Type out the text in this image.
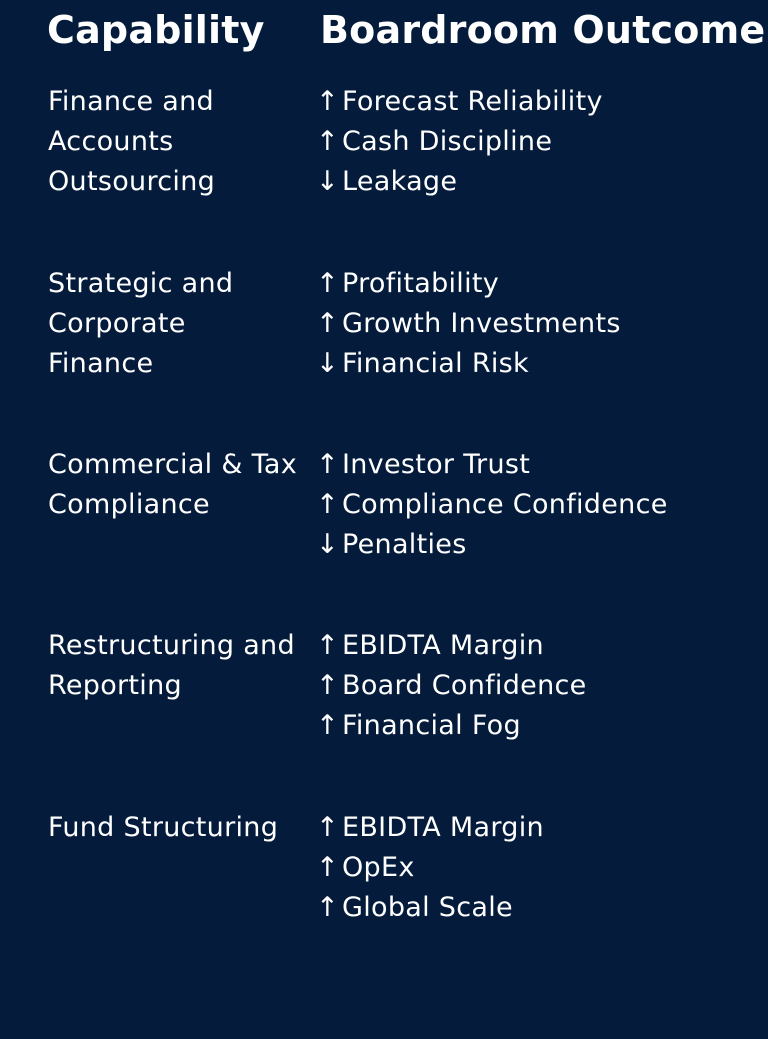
Capability Boardroom Outcome
Finance and
Accounts
Outsourcing
↑ Forecast Reliability
↑ Cash Discipline
↓ Leakage
Strategic and
Corporate
Finance
↑ Profitability
↑ Growth Investments
↓ Financial Risk
Commercial & Tax
Compliance
↑ Investor Trust
↑ Compliance Confidence
↓ Penalties
Restructuring and
Reporting
↑ EBIDTA Margin
↑ Board Confidence
↑ Financial Fog
Fund Structuring	↑ EBIDTA Margin
↑ OpEx
↑ Global Scale
